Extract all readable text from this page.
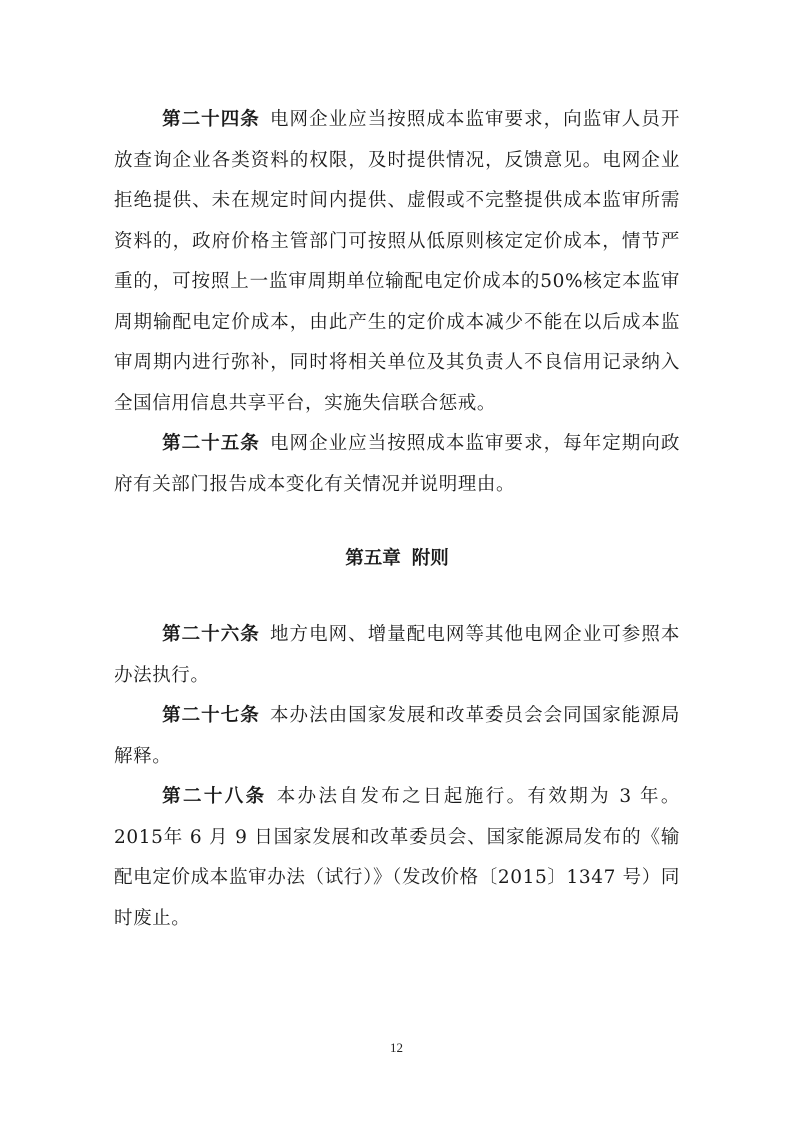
第二十四条 电网企业应当按照成本监审要求，向监审人员开放查询企业各类资料的权限，及时提供情况，反馈意见。电网企业拒绝提供、未在规定时间内提供、虚假或不完整提供成本监审所需资料的，政府价格主管部门可按照从低原则核定定价成本，情节严重的，可按照上一监审周期单位输配电定价成本的50%核定本监审周期输配电定价成本，由此产生的定价成本减少不能在以后成本监审周期内进行弥补，同时将相关单位及其负责人不良信用记录纳入全国信用信息共享平台，实施失信联合惩戒。

第二十五条 电网企业应当按照成本监审要求，每年定期向政府有关部门报告成本变化有关情况并说明理由。

第五章 附则

第二十六条 地方电网、增量配电网等其他电网企业可参照本办法执行。

第二十七条 本办法由国家发展和改革委员会会同国家能源局解释。

第二十八条 本办法自发布之日起施行。有效期为 3 年。2015年 6 月 9 日国家发展和改革委员会、国家能源局发布的《输配电定价成本监审办法（试行）》（发改价格〔2015〕1347 号）同时废止。

12
